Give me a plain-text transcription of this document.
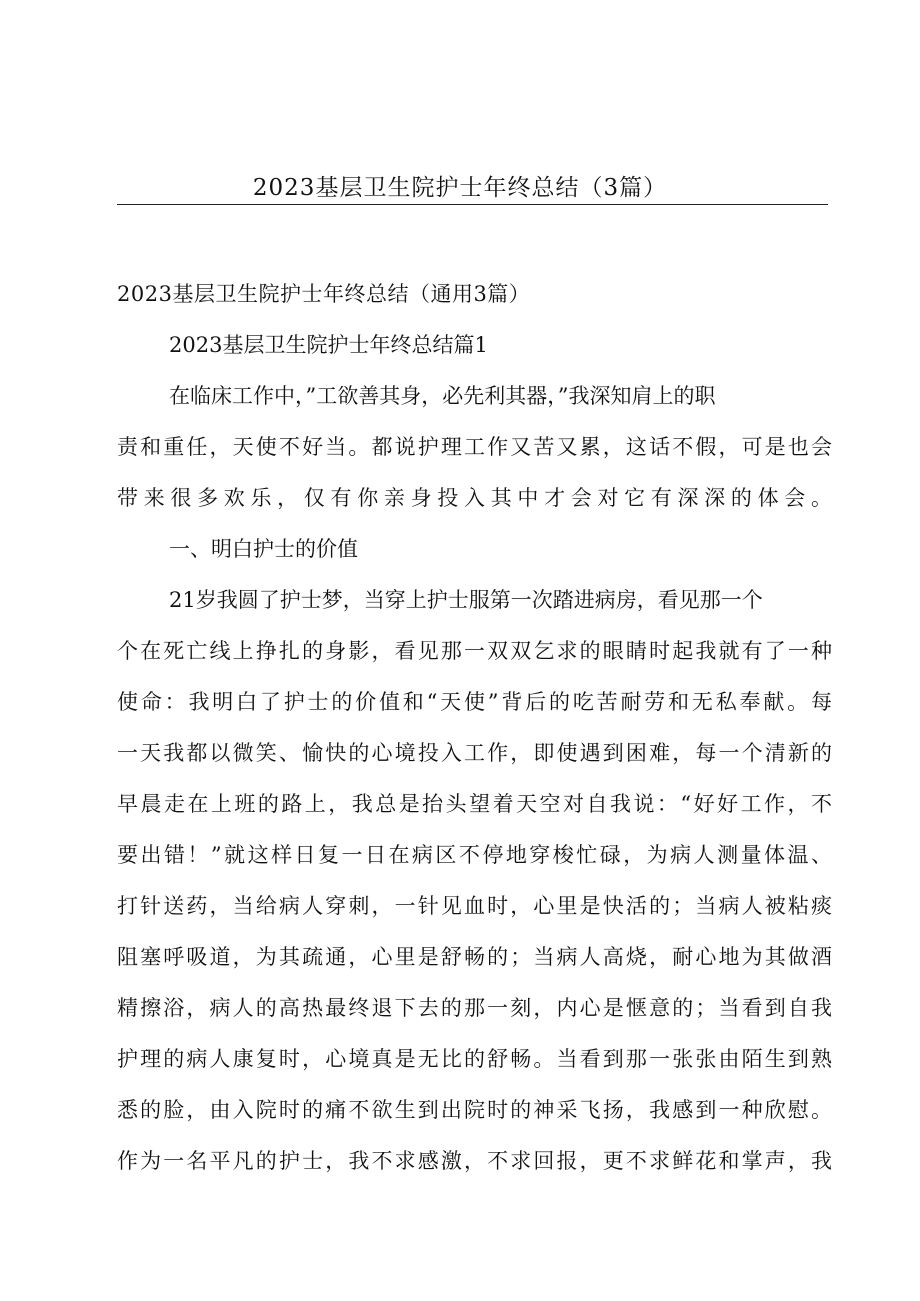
2023基层卫生院护士年终总结（3篇）
2023基层卫生院护士年终总结（通用3篇）
2023基层卫生院护士年终总结篇1
在临床工作中，”工欲善其身，必先利其器，”我深知肩上的职
责和重任，天使不好当。都说护理工作又苦又累，这话不假，可是也会
带来很多欢乐，仅有你亲身投入其中才会对它有深深的体会。
一、明白护士的价值
21岁我圆了护士梦，当穿上护士服第一次踏进病房，看见那一个
个在死亡线上挣扎的身影，看见那一双双乞求的眼睛时起我就有了一种
使命：我明白了护士的价值和“天使”背后的吃苦耐劳和无私奉献。每
一天我都以微笑、愉快的心境投入工作，即使遇到困难，每一个清新的
早晨走在上班的路上，我总是抬头望着天空对自我说：“好好工作，不
要出错！”就这样日复一日在病区不停地穿梭忙碌，为病人测量体温、
打针送药，当给病人穿刺，一针见血时，心里是快活的；当病人被粘痰
阻塞呼吸道，为其疏通，心里是舒畅的；当病人高烧，耐心地为其做酒
精擦浴，病人的高热最终退下去的那一刻，内心是惬意的；当看到自我
护理的病人康复时，心境真是无比的舒畅。当看到那一张张由陌生到熟
悉的脸，由入院时的痛不欲生到出院时的神采飞扬，我感到一种欣慰。
作为一名平凡的护士，我不求感激，不求回报，更不求鲜花和掌声，我
